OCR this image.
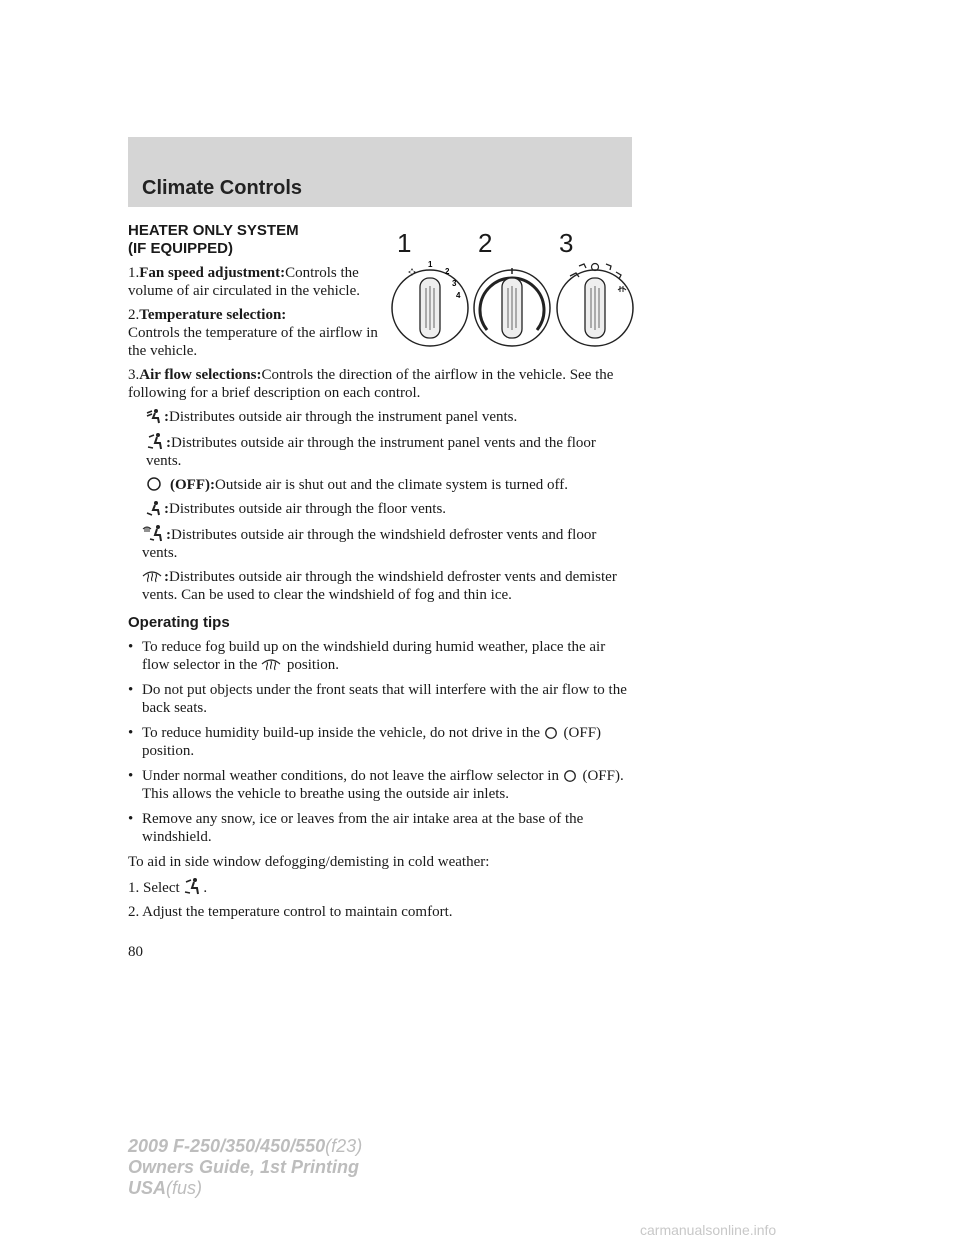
Climate Controls
1
2
3
4
1	2	3
HEATER ONLY SYSTEM
(IF EQUIPPED)

1.Fan speed adjustment:Controls the volume of air circulated in the vehicle.

2.Temperature selection:
Controls the temperature of the airflow in the vehicle.

3.Air flow selections:Controls the direction of the airflow in the vehicle. See the following for a brief description on each control.

:Distributes outside air through the instrument panel vents.

:Distributes outside air through the instrument panel vents and the floor vents.

(OFF):Outside air is shut out and the climate system is turned off.

:Distributes outside air through the floor vents.

:Distributes outside air through the windshield defroster vents and floor vents.

:Distributes outside air through the windshield defroster vents and demister vents. Can be used to clear the windshield of fog and thin ice.

Operating tips
• To reduce fog build up on the windshield during humid weather, place the air flow selector in the position.
• Do not put objects under the front seats that will interfere with the air flow to the back seats.
• To reduce humidity build-up inside the vehicle, do not drive in the (OFF) position.
• Under normal weather conditions, do not leave the airflow selector in (OFF). This allows the vehicle to breathe using the outside air inlets.
• Remove any snow, ice or leaves from the air intake area at the base of the windshield.

To aid in side window defogging/demisting in cold weather:

1. Select .

2. Adjust the temperature control to maintain comfort.

80
2009 F-250/350/450/550(f23)
Owners Guide, 1st Printing
USA(fus)
carmanualsonline.info
